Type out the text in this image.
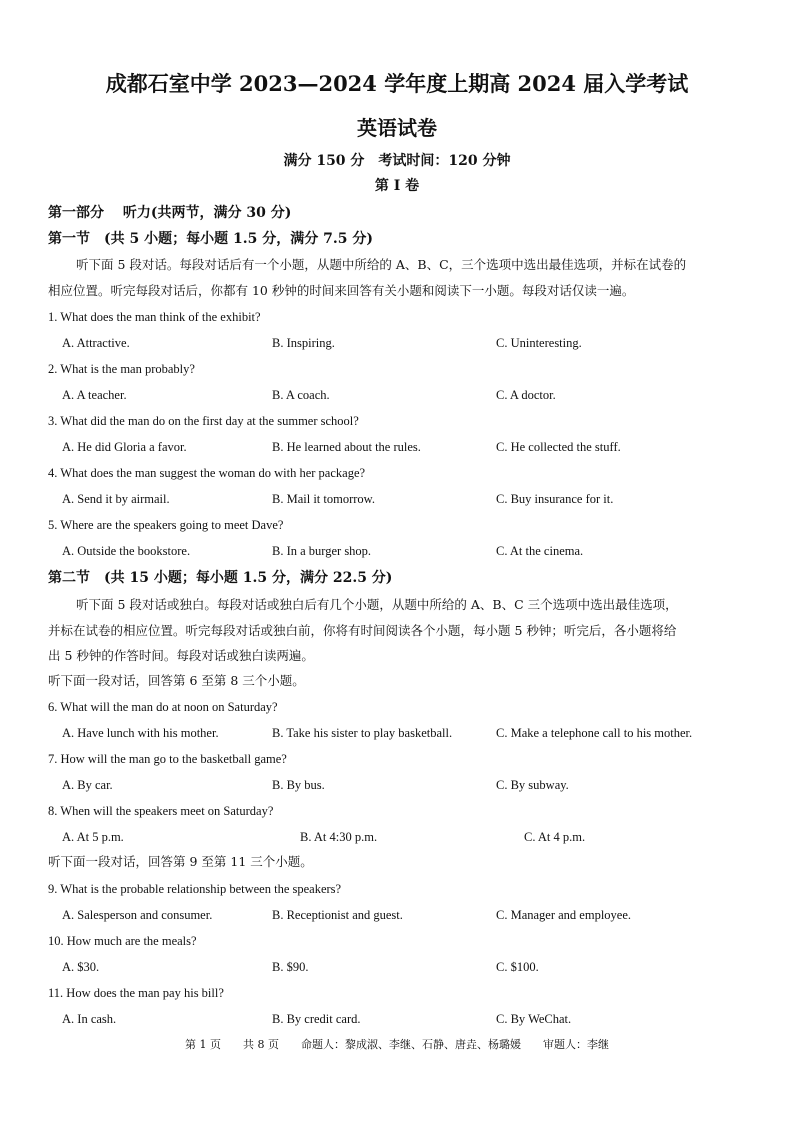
成都石室中学 2023—2024 学年度上期高 2024 届入学考试
英语试卷
满分 150 分　考试时间：120 分钟
第 I 卷
第一部分　 听力(共两节，满分 30 分)
第一节　(共 5 小题；每小题 1.5 分，满分 7.5 分)
听下面 5 段对话。每段对话后有一个小题，从题中所给的 A、B、C，三个选项中选出最佳选项，并标在试卷的
相应位置。听完每段对话后，你都有 10 秒钟的时间来回答有关小题和阅读下一小题。每段对话仅读一遍。
1. What does the man think of the exhibit?
A. Attractive.	B. Inspiring.	C. Uninteresting.
2. What is the man probably?
A. A teacher.	B. A coach.	C. A doctor.
3. What did the man do on the first day at the summer school?
A. He did Gloria a favor.	B. He learned about the rules.	C. He collected the stuff.
4. What does the man suggest the woman do with her package?
A. Send it by airmail.	B. Mail it tomorrow.	C. Buy insurance for it.
5. Where are the speakers going to meet Dave?
A. Outside the bookstore.	B. In a burger shop.	C. At the cinema.
第二节　(共 15 小题；每小题 1.5 分，满分 22.5 分)
听下面 5 段对话或独白。每段对话或独白后有几个小题，从题中所给的 A、B、C 三个选项中选出最佳选项，
并标在试卷的相应位置。听完每段对话或独白前，你将有时间阅读各个小题，每小题 5 秒钟；听完后，各小题将给
出 5 秒钟的作答时间。每段对话或独白读两遍。
听下面一段对话，回答第 6 至第 8 三个小题。
6. What will the man do at noon on Saturday?
A. Have lunch with his mother.	B. Take his sister to play basketball.	C. Make a telephone call to his mother.
7. How will the man go to the basketball game?
A. By car.	B. By bus.	C. By subway.
8. When will the speakers meet on Saturday?
A. At 5 p.m.	B. At 4:30 p.m.	C. At 4 p.m.
听下面一段对话，回答第 9 至第 11 三个小题。
9. What is the probable relationship between the speakers?
A. Salesperson and consumer.	B. Receptionist and guest.	C. Manager and employee.
10. How much are the meals?
A. $30.	B. $90.	C. $100.
11. How does the man pay his bill?
A. In cash.	B. By credit card.	C. By WeChat.
第 1 页　　共 8 页　　命题人：黎成淑、李继、石静、唐垚、杨璐媛　　审题人：李继
